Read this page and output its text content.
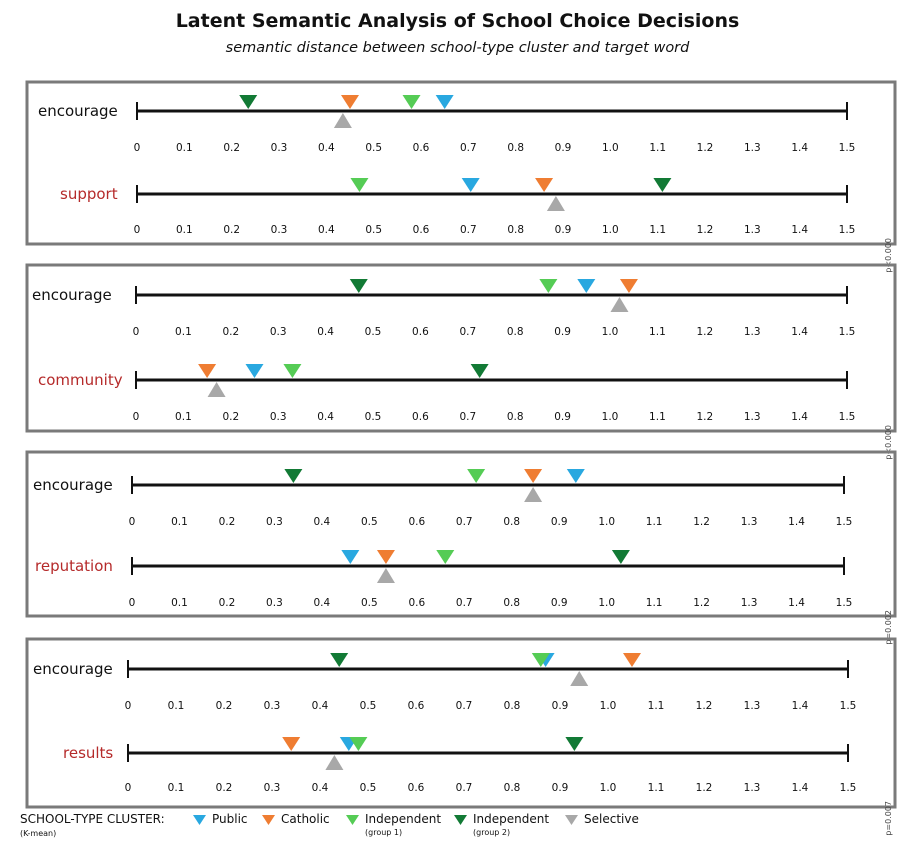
Latent Semantic Analysis of School Choice Decisions
semantic distance between school-type cluster and target word
p<0.000
encourage
0	0.1	0.2	0.3	0.4	0.5	0.6	0.7	0.8	0.9	1.0	1.1	1.2	1.3	1.4	1.5
support
0	0.1	0.2	0.3	0.4	0.5	0.6	0.7	0.8	0.9	1.0	1.1	1.2	1.3	1.4	1.5
p<0.000
encourage
0	0.1	0.2	0.3	0.4	0.5	0.6	0.7	0.8	0.9	1.0	1.1	1.2	1.3	1.4	1.5
community
0	0.1	0.2	0.3	0.4	0.5	0.6	0.7	0.8	0.9	1.0	1.1	1.2	1.3	1.4	1.5
p=0.002
encourage
0	0.1	0.2	0.3	0.4	0.5	0.6	0.7	0.8	0.9	1.0	1.1	1.2	1.3	1.4	1.5
reputation
0	0.1	0.2	0.3	0.4	0.5	0.6	0.7	0.8	0.9	1.0	1.1	1.2	1.3	1.4	1.5
p=0.007
encourage
0	0.1	0.2	0.3	0.4	0.5	0.6	0.7	0.8	0.9	1.0	1.1	1.2	1.3	1.4	1.5
results
0	0.1	0.2	0.3	0.4	0.5	0.6	0.7	0.8	0.9	1.0	1.1	1.2	1.3	1.4	1.5
SCHOOL-TYPE CLUSTER:
(K-mean)
Public	Catholic	Independent
(group 1)
Independent
(group 2)
Selective
